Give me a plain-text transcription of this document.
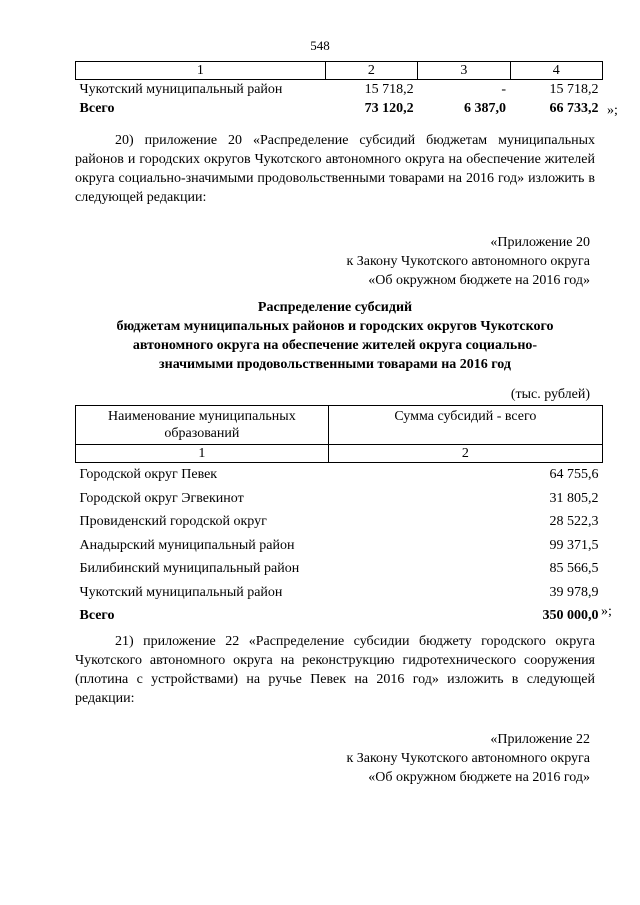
548
1	2	3	4
Чукотский муниципальный район	15 718,2	-	15 718,2
Всего	73 120,2	6 387,0	66 733,2 »;
20) приложение 20 «Распределение субсидий бюджетам муниципальных районов и городских округов Чукотского автономного округа на обеспечение жителей округа социально-значимыми продовольственными товарами на 2016 год» изложить в следующей редакции:
«Приложение 20
к Закону Чукотского автономного округа
«Об окружном бюджете на 2016 год»
Распределение субсидий
бюджетам муниципальных районов и городских округов Чукотского
автономного округа на обеспечение жителей округа социально-
значимыми продовольственными товарами на 2016 год
(тыс. рублей)
Наименование муниципальных образований	Сумма субсидий - всего
1	2
Городской округ Певек	64 755,6
Городской округ Эгвекинот	31 805,2
Провиденский городской округ	28 522,3
Анадырский муниципальный район	99 371,5
Билибинский муниципальный район	85 566,5
Чукотский муниципальный район	39 978,9
Всего	350 000,0 »;
21) приложение 22 «Распределение субсидии бюджету городского округа Чукотского автономного округа на реконструкцию гидротехнического сооружения (плотина с устройствами) на ручье Певек на 2016 год» изложить в следующей редакции:
«Приложение 22
к Закону Чукотского автономного округа
«Об окружном бюджете на 2016 год»
